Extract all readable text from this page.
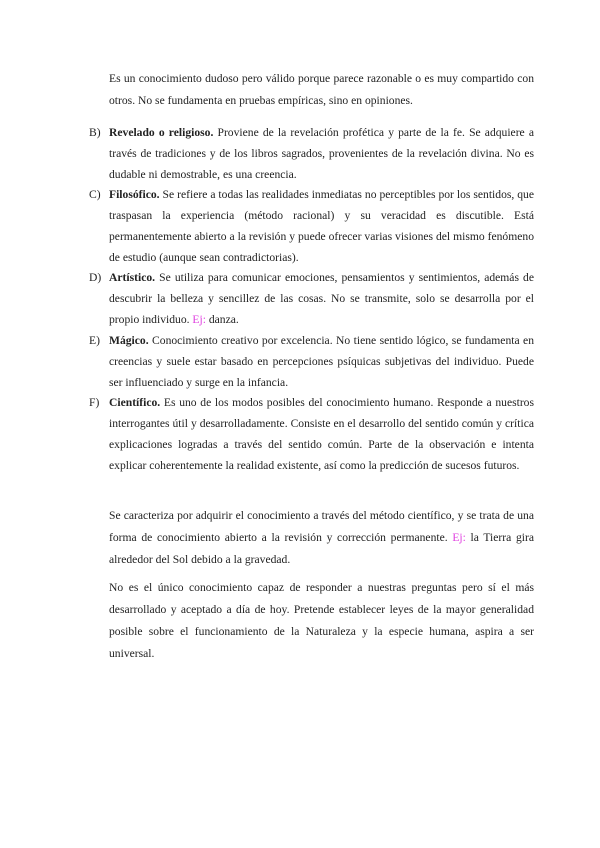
Es un conocimiento dudoso pero válido porque parece razonable o es muy compartido con otros. No se fundamenta en pruebas empíricas, sino en opiniones.

B) Revelado o religioso. Proviene de la revelación profética y parte de la fe. Se adquiere a través de tradiciones y de los libros sagrados, provenientes de la revelación divina. No es dudable ni demostrable, es una creencia.

C) Filosófico. Se refiere a todas las realidades inmediatas no perceptibles por los sentidos, que traspasan la experiencia (método racional) y su veracidad es discutible. Está permanentemente abierto a la revisión y puede ofrecer varias visiones del mismo fenómeno de estudio (aunque sean contradictorias).

D) Artístico. Se utiliza para comunicar emociones, pensamientos y sentimientos, además de descubrir la belleza y sencillez de las cosas. No se transmite, solo se desarrolla por el propio individuo. Ej: danza.

E) Mágico. Conocimiento creativo por excelencia. No tiene sentido lógico, se fundamenta en creencias y suele estar basado en percepciones psíquicas subjetivas del individuo. Puede ser influenciado y surge en la infancia.

F) Científico. Es uno de los modos posibles del conocimiento humano. Responde a nuestros interrogantes útil y desarrolladamente. Consiste en el desarrollo del sentido común y crítica explicaciones logradas a través del sentido común. Parte de la observación e intenta explicar coherentemente la realidad existente, así como la predicción de sucesos futuros.

Se caracteriza por adquirir el conocimiento a través del método científico, y se trata de una forma de conocimiento abierto a la revisión y corrección permanente. Ej: la Tierra gira alrededor del Sol debido a la gravedad.

No es el único conocimiento capaz de responder a nuestras preguntas pero sí el más desarrollado y aceptado a día de hoy. Pretende establecer leyes de la mayor generalidad posible sobre el funcionamiento de la Naturaleza y la especie humana, aspira a ser universal.
